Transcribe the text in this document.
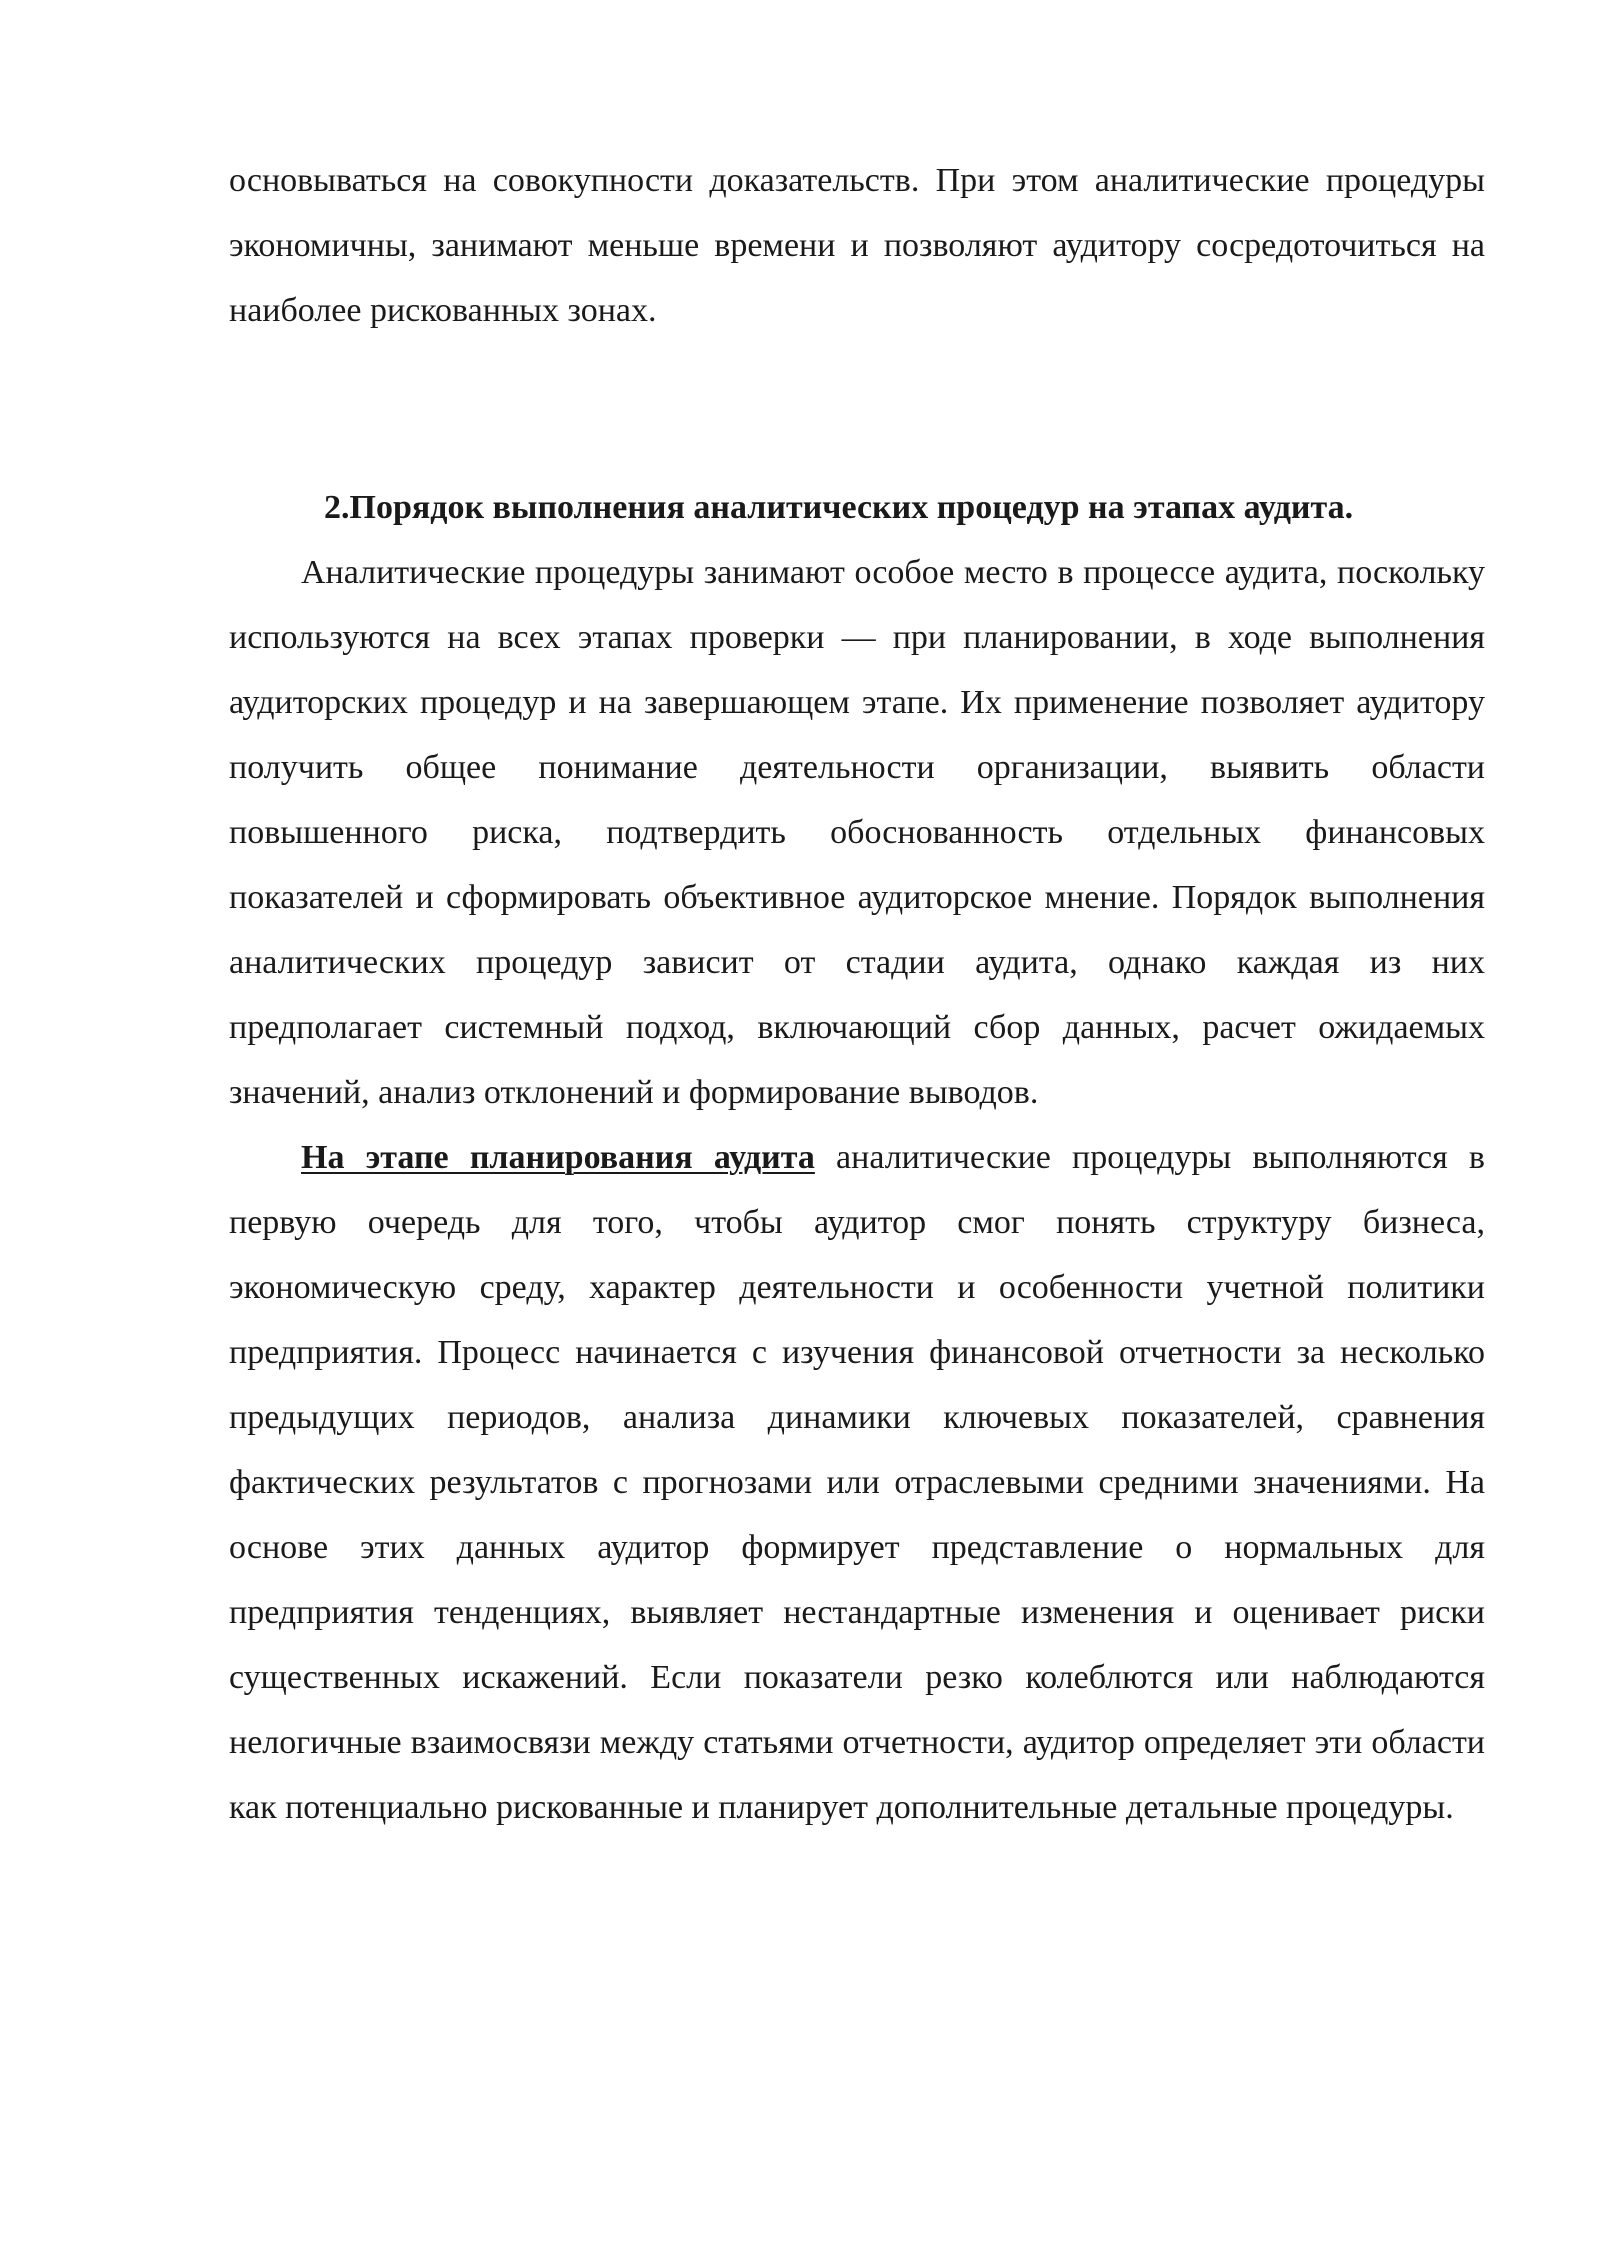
основываться на совокупности доказательств. При этом аналитические процедуры экономичны, занимают меньше времени и позволяют аудитору сосредоточиться на наиболее рискованных зонах.

2.Порядок выполнения аналитических процедур на этапах аудита.

Аналитические процедуры занимают особое место в процессе аудита, поскольку используются на всех этапах проверки — при планировании, в ходе выполнения аудиторских процедур и на завершающем этапе. Их применение позволяет аудитору получить общее понимание деятельности организации, выявить области повышенного риска, подтвердить обоснованность отдельных финансовых показателей и сформировать объективное аудиторское мнение. Порядок выполнения аналитических процедур зависит от стадии аудита, однако каждая из них предполагает системный подход, включающий сбор данных, расчет ожидаемых значений, анализ отклонений и формирование выводов.

На этапе планирования аудита аналитические процедуры выполняются в первую очередь для того, чтобы аудитор смог понять структуру бизнеса, экономическую среду, характер деятельности и особенности учетной политики предприятия. Процесс начинается с изучения финансовой отчетности за несколько предыдущих периодов, анализа динамики ключевых показателей, сравнения фактических результатов с прогнозами или отраслевыми средними значениями. На основе этих данных аудитор формирует представление о нормальных для предприятия тенденциях, выявляет нестандартные изменения и оценивает риски существенных искажений. Если показатели резко колеблются или наблюдаются нелогичные взаимосвязи между статьями отчетности, аудитор определяет эти области как потенциально рискованные и планирует дополнительные детальные процедуры.
